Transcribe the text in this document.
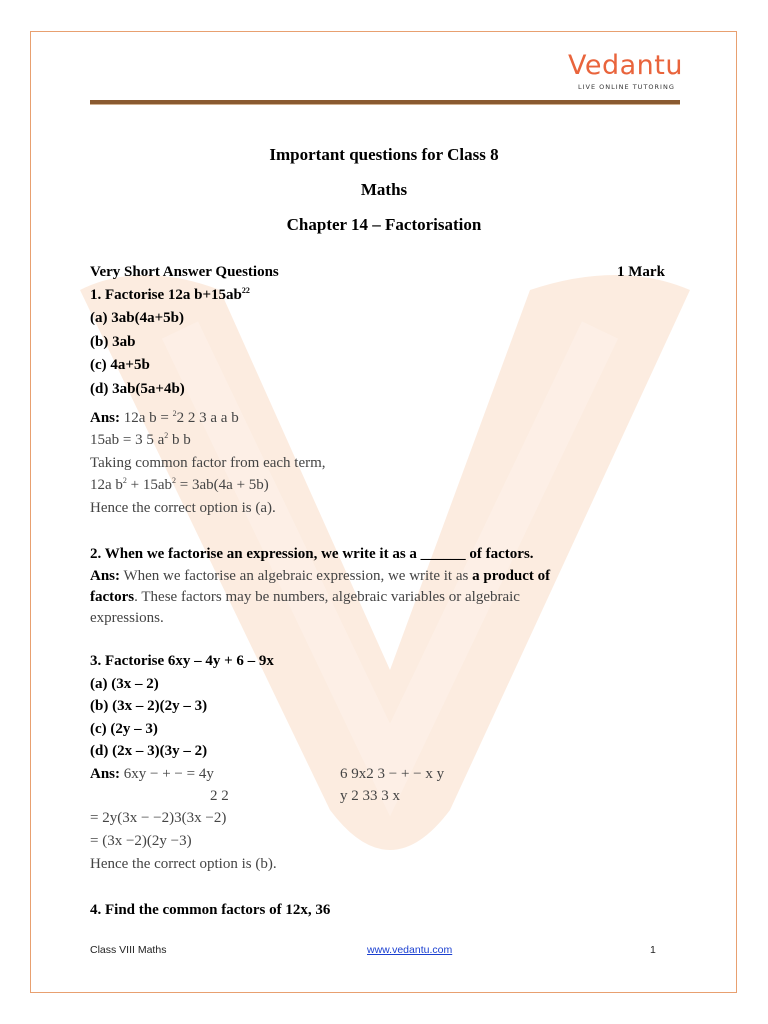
Vedantu
LIVE ONLINE TUTORING
Important questions for Class 8
Maths
Chapter 14 – Factorisation
Very Short Answer Questions	1 Mark
1. Factorise 12a $b+15ab^{22}$
(a) 3ab(4a+5b)
(b) 3ab
(c) 4a+5b
(d) 3ab(5a+4b)
Ans: 12a b = $^2$2 2 3 a a b
15ab = 3 5 $a^2$ b b
Taking common factor from each term,
12a $b^2 + 15ab^2 = 3ab(4a + 5b)$
Hence the correct option is (a).
2. When we factorise an expression, we write it as a ______ of factors.
Ans: When we factorise an algebraic expression, we write it as a product of
factors. These factors may be numbers, algebraic variables or algebraic
expressions.
3. Factorise 6xy – 4y + 6 – 9x
(a) (3x – 2)
(b) (3x – 2)(2y – 3)
(c) (2y – 3)
(d) (2x – 3)(3y – 2)
Ans: 6xy − + − = 4y	6 9x2 3 − + − x y
2 2	y 2 33 3 x
= 2y(3x − −2)3(3x −2)
= (3x −2)(2y −3)
Hence the correct option is (b).
4. Find the common factors of 12x, 36
Class VIII Maths	www.vedantu.com	1
